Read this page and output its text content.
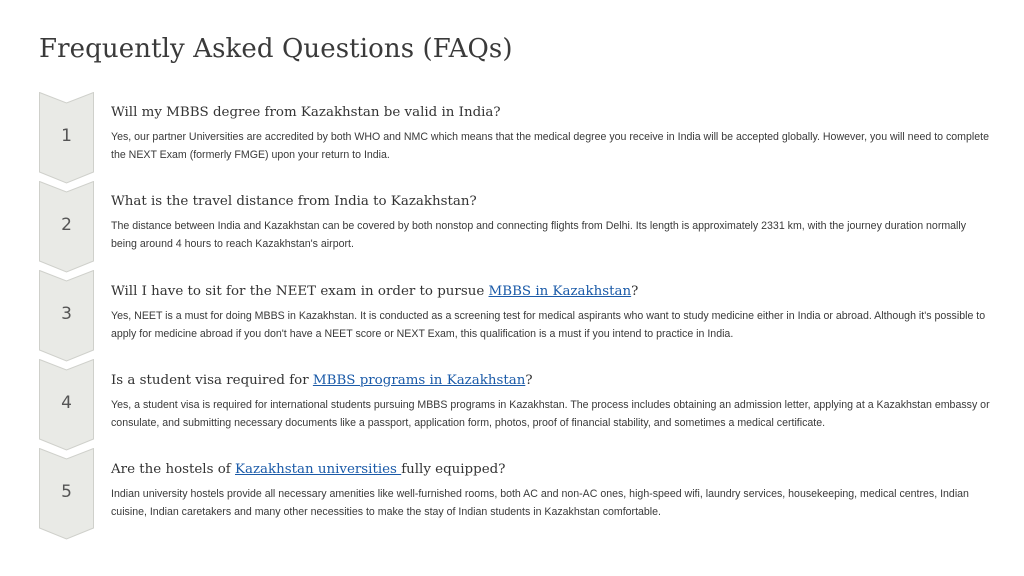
Frequently Asked Questions (FAQs)
1

Will my MBBS degree from Kazakhstan be valid in India?

Yes, our partner Universities are accredited by both WHO and NMC which means that the medical degree you receive in India will be accepted globally. However, you will need to complete the NEXT Exam (formerly FMGE) upon your return to India.

2

What is the travel distance from India to Kazakhstan?

The distance between India and Kazakhstan can be covered by both nonstop and connecting flights from Delhi. Its length is approximately 2331 km, with the journey duration normally being around 4 hours to reach Kazakhstan's airport.

3

Will I have to sit for the NEET exam in order to pursue MBBS in Kazakhstan?

Yes, NEET is a must for doing MBBS in Kazakhstan. It is conducted as a screening test for medical aspirants who want to study medicine either in India or abroad. Although it's possible to apply for medicine abroad if you don't have a NEET score or NEXT Exam, this qualification is a must if you intend to practice in India.

4

Is a student visa required for MBBS programs in Kazakhstan?

Yes, a student visa is required for international students pursuing MBBS programs in Kazakhstan. The process includes obtaining an admission letter, applying at a Kazakhstan embassy or consulate, and submitting necessary documents like a passport, application form, photos, proof of financial stability, and sometimes a medical certificate.

5

Are the hostels of Kazakhstan universities fully equipped?

Indian university hostels provide all necessary amenities like well-furnished rooms, both AC and non-AC ones, high-speed wifi, laundry services, housekeeping, medical centres, Indian cuisine, Indian caretakers and many other necessities to make the stay of Indian students in Kazakhstan comfortable.
